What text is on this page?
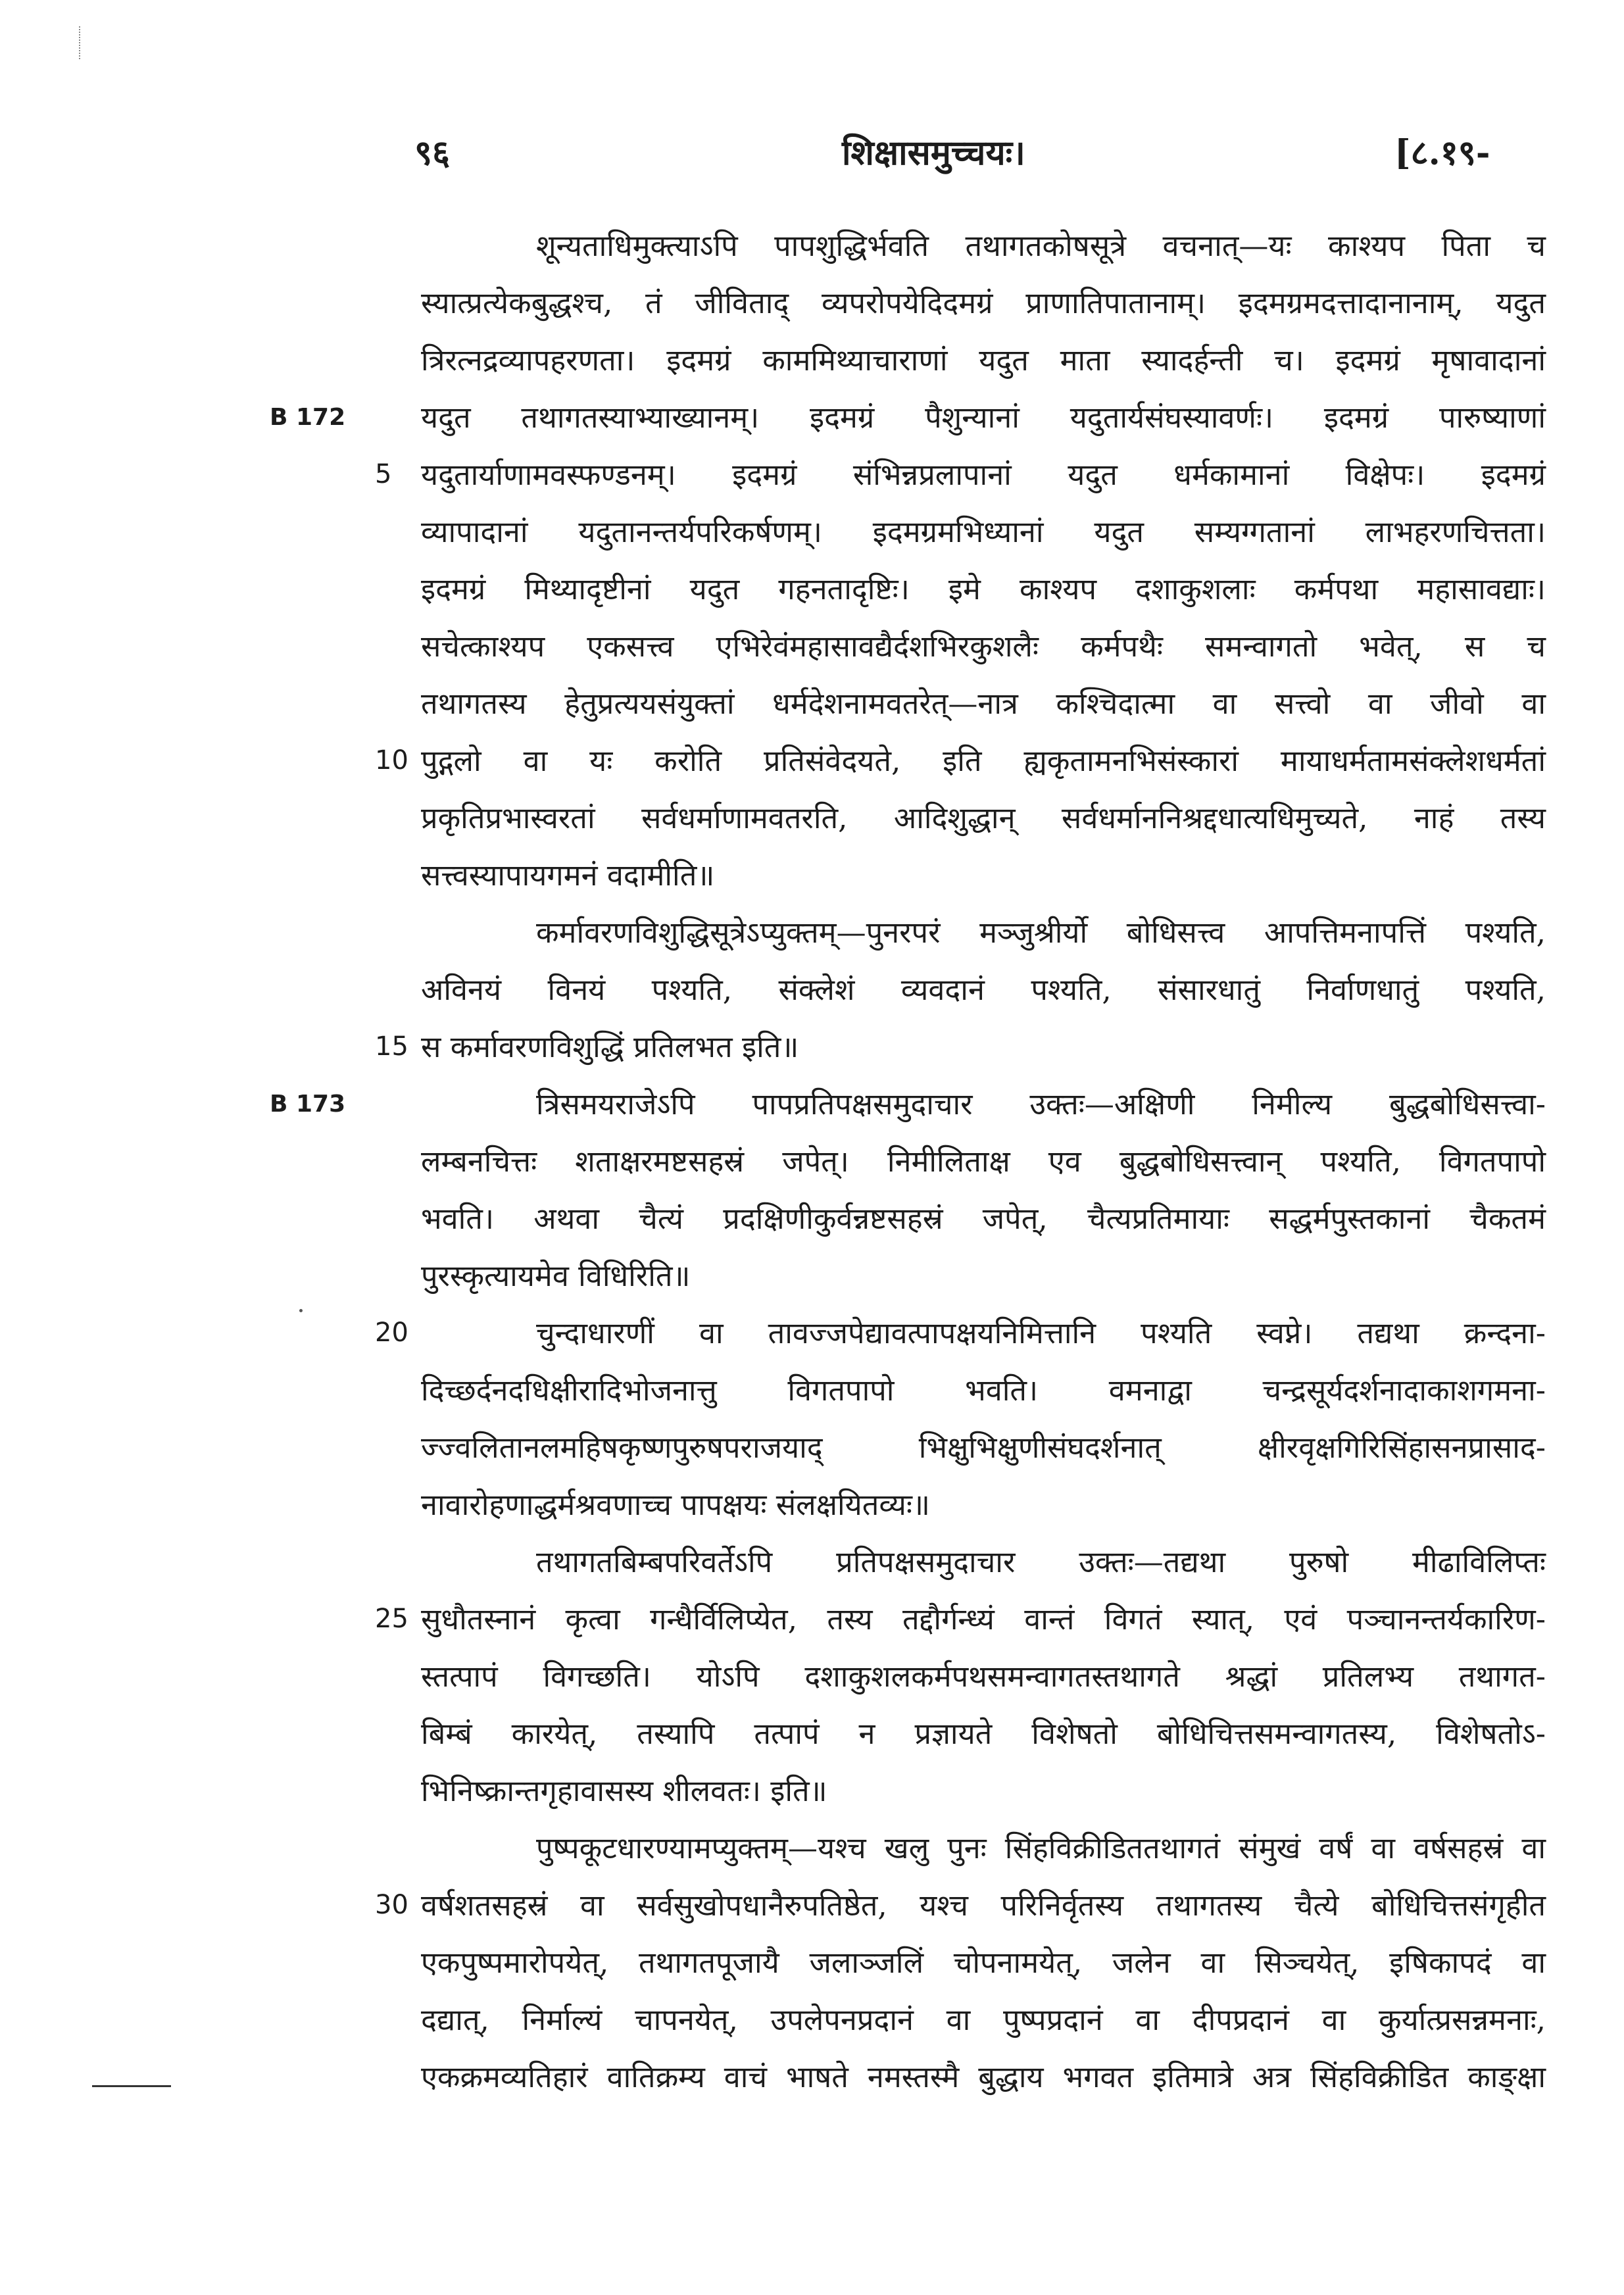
९६	शिक्षासमुच्चयः।	[८.१९-
शून्यताधिमुक्त्याऽपि पापशुद्धिर्भवति तथागतकोषसूत्रे वचनात्—यः काश्यप पिता च
स्यात्प्रत्येकबुद्धश्च, तं जीविताद् व्यपरोपयेदिदमग्रं प्राणातिपातानाम्। इदमग्रमदत्तादानानाम्, यदुत
त्रिरत्नद्रव्यापहरणता। इदमग्रं काममिथ्याचाराणां यदुत माता स्यादर्हन्ती च। इदमग्रं मृषावादानां
B 172	यदुत तथागतस्याभ्याख्यानम्। इदमग्रं पैशुन्यानां यदुतार्यसंघस्यावर्णः। इदमग्रं पारुष्याणां
5 यदुतार्याणामवस्फण्डनम्। इदमग्रं संभिन्नप्रलापानां यदुत धर्मकामानां विक्षेपः। इदमग्रं
व्यापादानां यदुतानन्तर्यपरिकर्षणम्। इदमग्रमभिध्यानां यदुत सम्यग्गतानां लाभहरणचित्तता।
इदमग्रं मिथ्यादृष्टीनां यदुत गहनतादृष्टिः। इमे काश्यप दशाकुशलाः कर्मपथा महासावद्याः।
सचेत्काश्यप एकसत्त्व एभिरेवंमहासावद्यैर्दशभिरकुशलैः कर्मपथैः समन्वागतो भवेत्, स च
तथागतस्य हेतुप्रत्ययसंयुक्तां धर्मदेशनामवतरेत्—नात्र कश्चिदात्मा वा सत्त्वो वा जीवो वा
10 पुद्गलो वा यः करोति प्रतिसंवेदयते, इति ह्यकृतामनभिसंस्कारां मायाधर्मतामसंक्लेशधर्मतां
प्रकृतिप्रभास्वरतां सर्वधर्माणामवतरति, आदिशुद्धान् सर्वधर्माननिश्रद्दधात्यधिमुच्यते, नाहं तस्य
सत्त्वस्यापायगमनं वदामीति॥
कर्मावरणविशुद्धिसूत्रेऽप्युक्तम्—पुनरपरं मञ्जुश्रीर्यो बोधिसत्त्व आपत्तिमनापत्तिं पश्यति,
अविनयं विनयं पश्यति, संक्लेशं व्यवदानं पश्यति, संसारधातुं निर्वाणधातुं पश्यति,
15 स कर्मावरणविशुद्धिं प्रतिलभत इति॥
B 173	त्रिसमयराजेऽपि पापप्रतिपक्षसमुदाचार उक्तः—अक्षिणी निमील्य बुद्धबोधिसत्त्वा-
लम्बनचित्तः शताक्षरमष्टसहस्रं जपेत्। निमीलिताक्ष एव बुद्धबोधिसत्त्वान् पश्यति, विगतपापो
भवति। अथवा चैत्यं प्रदक्षिणीकुर्वन्नष्टसहस्रं जपेत्, चैत्यप्रतिमायाः सद्धर्मपुस्तकानां चैकतमं
पुरस्कृत्यायमेव विधिरिति॥
20	चुन्दाधारणीं वा तावज्जपेद्यावत्पापक्षयनिमित्तानि पश्यति स्वप्ने। तद्यथा क्रन्दना-
दिच्छर्दनदधिक्षीरादिभोजनात्तु विगतपापो भवति। वमनाद्वा चन्द्रसूर्यदर्शनादाकाशगमना-
ज्ज्वलितानलमहिषकृष्णपुरुषपराजयाद् भिक्षुभिक्षुणीसंघदर्शनात् क्षीरवृक्षगिरिसिंहासनप्रासाद-
नावारोहणाद्धर्मश्रवणाच्च पापक्षयः संलक्षयितव्यः॥
तथागतबिम्बपरिवर्तेऽपि प्रतिपक्षसमुदाचार उक्तः—तद्यथा पुरुषो मीढाविलिप्तः
25 सुधौतस्नानं कृत्वा गन्धैर्विलिप्येत, तस्य तद्दौर्गन्ध्यं वान्तं विगतं स्यात्, एवं पञ्चानन्तर्यकारिण-
स्तत्पापं विगच्छति। योऽपि दशाकुशलकर्मपथसमन्वागतस्तथागते श्रद्धां प्रतिलभ्य तथागत-
बिम्बं कारयेत्, तस्यापि तत्पापं न प्रज्ञायते विशेषतो बोधिचित्तसमन्वागतस्य, विशेषतोऽ-
भिनिष्क्रान्तगृहावासस्य शीलवतः। इति॥
पुष्पकूटधारण्यामप्युक्तम्—यश्च खलु पुनः सिंहविक्रीडिततथागतं संमुखं वर्षं वा वर्षसहस्रं वा
30 वर्षशतसहस्रं वा सर्वसुखोपधानैरुपतिष्ठेत, यश्च परिनिर्वृतस्य तथागतस्य चैत्ये बोधिचित्तसंगृहीत
एकपुष्पमारोपयेत्, तथागतपूजायै जलाञ्जलिं चोपनामयेत्, जलेन वा सिञ्चयेत्, इषिकापदं वा
दद्यात्, निर्माल्यं चापनयेत्, उपलेपनप्रदानं वा पुष्पप्रदानं वा दीपप्रदानं वा कुर्यात्प्रसन्नमनाः,
एकक्रमव्यतिहारं वातिक्रम्य वाचं भाषते नमस्तस्मै बुद्धाय भगवत इतिमात्रे अत्र सिंहविक्रीडित काङ्क्षा
